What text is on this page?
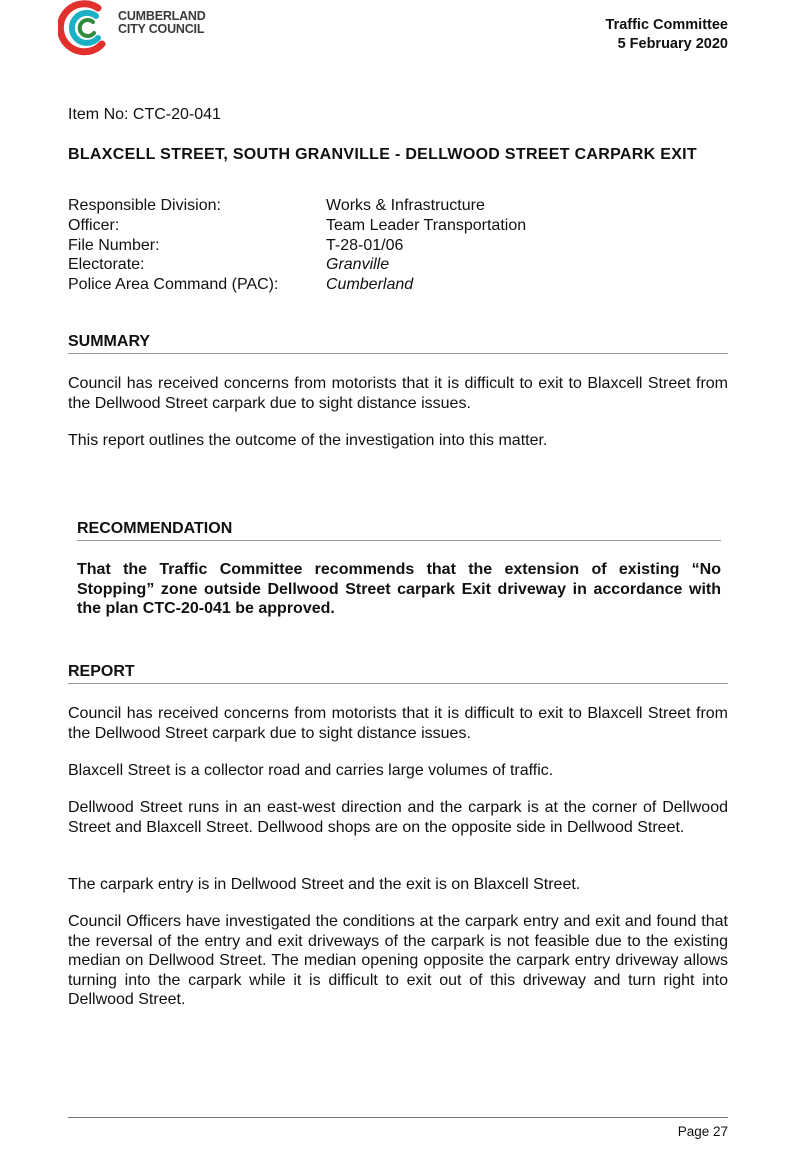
CUMBERLAND
CITY COUNCIL	Traffic Committee
5 February 2020
Item No: CTC-20-041
BLAXCELL STREET, SOUTH GRANVILLE - DELLWOOD STREET CARPARK EXIT
Responsible Division:	Works & Infrastructure
Officer:	Team Leader Transportation
File Number:	T-28-01/06
Electorate:	Granville
Police Area Command (PAC):	Cumberland
SUMMARY
Council has received concerns from motorists that it is difficult to exit to Blaxcell Street from the Dellwood Street carpark due to sight distance issues.
This report outlines the outcome of the investigation into this matter.
RECOMMENDATION
That the Traffic Committee recommends that the extension of existing “No Stopping” zone outside Dellwood Street carpark Exit driveway in accordance with the plan CTC-20-041 be approved.
REPORT
Council has received concerns from motorists that it is difficult to exit to Blaxcell Street from the Dellwood Street carpark due to sight distance issues.
Blaxcell Street is a collector road and carries large volumes of traffic.
Dellwood Street runs in an east-west direction and the carpark is at the corner of Dellwood Street and Blaxcell Street. Dellwood shops are on the opposite side in Dellwood Street.
The carpark entry is in Dellwood Street and the exit is on Blaxcell Street.
Council Officers have investigated the conditions at the carpark entry and exit and found that the reversal of the entry and exit driveways of the carpark is not feasible due to the existing median on Dellwood Street. The median opening opposite the carpark entry driveway allows turning into the carpark while it is difficult to exit out of this driveway and turn right into Dellwood Street.
Page 27
